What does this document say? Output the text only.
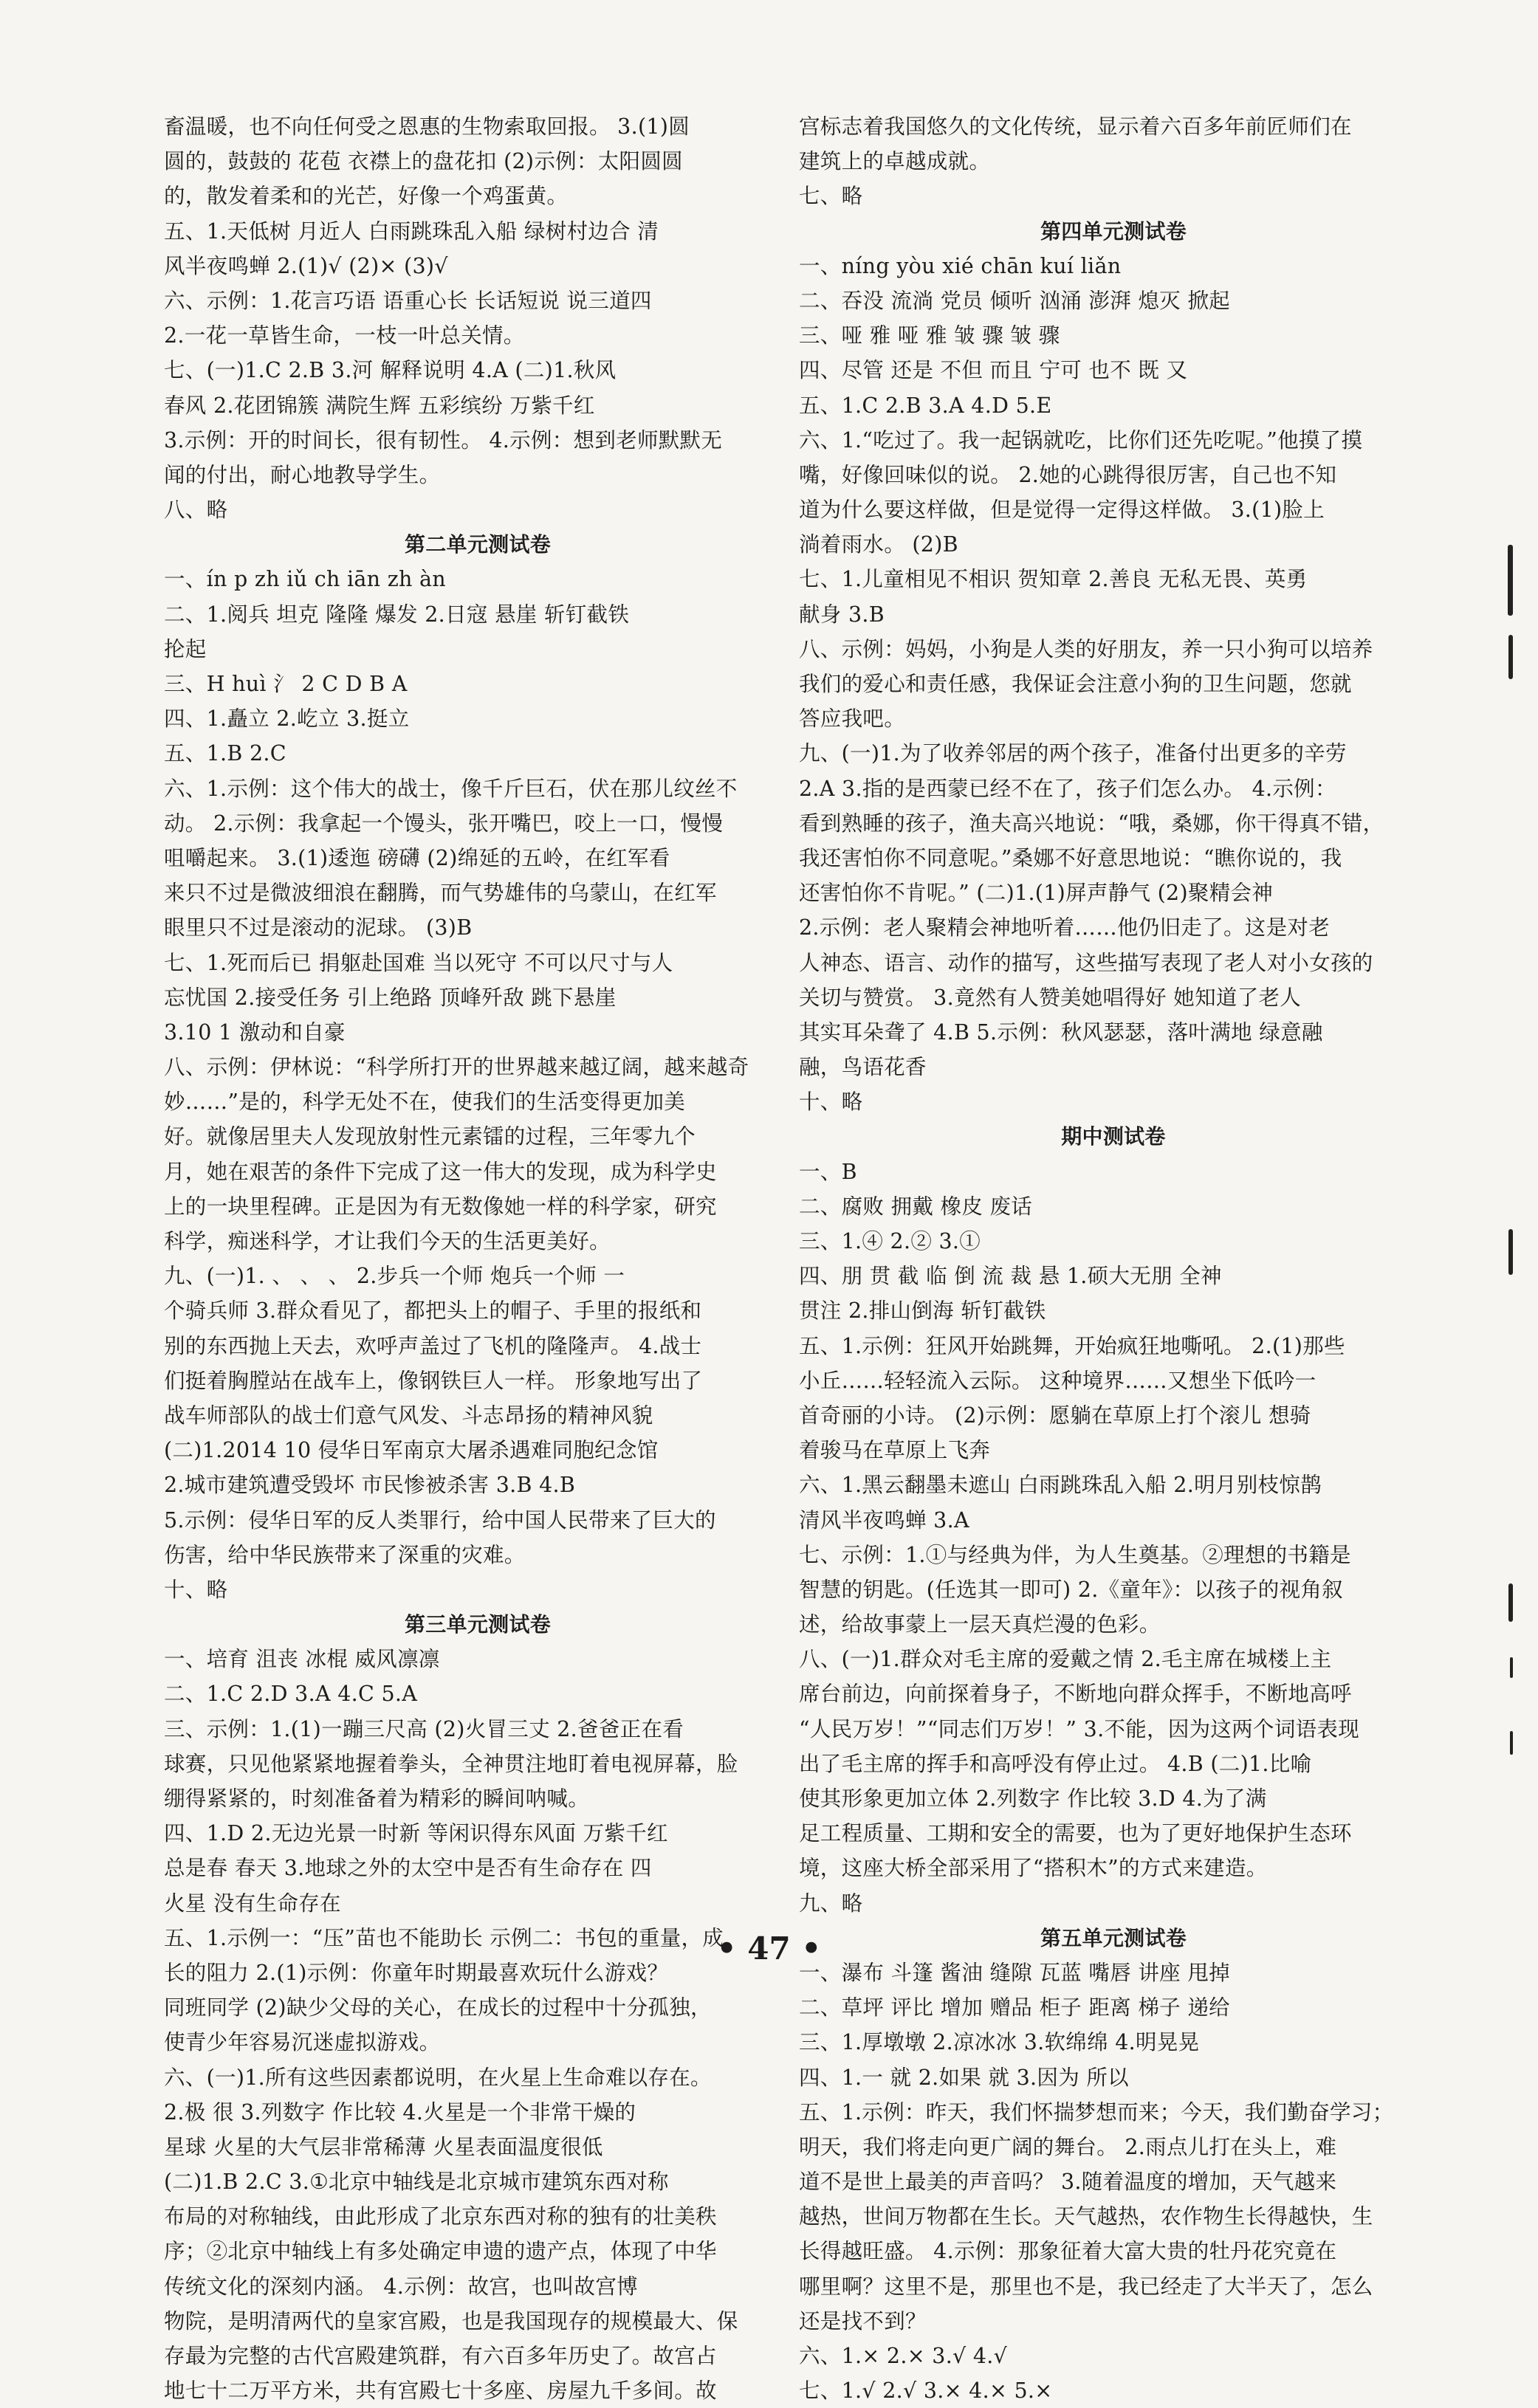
畜温暖，也不向任何受之恩惠的生物索取回报。 3.(1)圆
圆的，鼓鼓的 花苞 衣襟上的盘花扣 (2)示例：太阳圆圆
的，散发着柔和的光芒，好像一个鸡蛋黄。
五、1.天低树 月近人 白雨跳珠乱入船 绿树村边合 清
风半夜鸣蝉 2.(1)√ (2)× (3)√
六、示例：1.花言巧语 语重心长 长话短说 说三道四
2.一花一草皆生命，一枝一叶总关情。
七、(一)1.C 2.B 3.河 解释说明 4.A (二)1.秋风
春风 2.花团锦簇 满院生辉 五彩缤纷 万紫千红
3.示例：开的时间长，很有韧性。 4.示例：想到老师默默无
闻的付出，耐心地教导学生。
八、略
第二单元测试卷
一、ín p zh iǔ ch iān zh àn
二、1.阅兵 坦克 隆隆 爆发 2.日寇 悬崖 斩钉截铁
抡起
三、H huì 氵 2 C D B A
四、1.矗立 2.屹立 3.挺立
五、1.B 2.C
六、1.示例：这个伟大的战士，像千斤巨石，伏在那儿纹丝不
动。 2.示例：我拿起一个馒头，张开嘴巴，咬上一口，慢慢
咀嚼起来。 3.(1)逶迤 磅礴 (2)绵延的五岭，在红军看
来只不过是微波细浪在翻腾，而气势雄伟的乌蒙山，在红军
眼里只不过是滚动的泥球。 (3)B
七、1.死而后已 捐躯赴国难 当以死守 不可以尺寸与人
忘忧国 2.接受任务 引上绝路 顶峰歼敌 跳下悬崖
3.10 1 激动和自豪
八、示例：伊林说：“科学所打开的世界越来越辽阔，越来越奇
妙……”是的，科学无处不在，使我们的生活变得更加美
好。就像居里夫人发现放射性元素镭的过程，三年零九个
月，她在艰苦的条件下完成了这一伟大的发现，成为科学史
上的一块里程碑。正是因为有无数像她一样的科学家，研究
科学，痴迷科学，才让我们今天的生活更美好。
九、(一)1. 、 、 、 2.步兵一个师 炮兵一个师 一
个骑兵师 3.群众看见了，都把头上的帽子、手里的报纸和
别的东西抛上天去，欢呼声盖过了飞机的隆隆声。 4.战士
们挺着胸膛站在战车上，像钢铁巨人一样。 形象地写出了
战车师部队的战士们意气风发、斗志昂扬的精神风貌
(二)1.2014 10 侵华日军南京大屠杀遇难同胞纪念馆
2.城市建筑遭受毁坏 市民惨被杀害 3.B 4.B
5.示例：侵华日军的反人类罪行，给中国人民带来了巨大的
伤害，给中华民族带来了深重的灾难。
十、略
第三单元测试卷
一、培育 沮丧 冰棍 威风凛凛
二、1.C 2.D 3.A 4.C 5.A
三、示例：1.(1)一蹦三尺高 (2)火冒三丈 2.爸爸正在看
球赛，只见他紧紧地握着拳头，全神贯注地盯着电视屏幕，脸
绷得紧紧的，时刻准备着为精彩的瞬间呐喊。
四、1.D 2.无边光景一时新 等闲识得东风面 万紫千红
总是春 春天 3.地球之外的太空中是否有生命存在 四
火星 没有生命存在
五、1.示例一：“压”苗也不能助长 示例二：书包的重量，成
长的阻力 2.(1)示例：你童年时期最喜欢玩什么游戏？
同班同学 (2)缺少父母的关心，在成长的过程中十分孤独，
使青少年容易沉迷虚拟游戏。
六、(一)1.所有这些因素都说明，在火星上生命难以存在。
2.极 很 3.列数字 作比较 4.火星是一个非常干燥的
星球 火星的大气层非常稀薄 火星表面温度很低
(二)1.B 2.C 3.①北京中轴线是北京城市建筑东西对称
布局的对称轴线，由此形成了北京东西对称的独有的壮美秩
序；②北京中轴线上有多处确定申遗的遗产点，体现了中华
传统文化的深刻内涵。 4.示例：故宫，也叫故宫博
物院，是明清两代的皇家宫殿，也是我国现存的规模最大、保
存最为完整的古代宫殿建筑群，有六百多年历史了。故宫占
地七十二万平方米，共有宫殿七十多座、房屋九千多间。故
宫标志着我国悠久的文化传统，显示着六百多年前匠师们在
建筑上的卓越成就。
七、略
第四单元测试卷
一、níng yòu xié chān kuí liǎn
二、吞没 流淌 党员 倾听 汹涌 澎湃 熄灭 掀起
三、哑 雅 哑 雅 皱 骤 皱 骤
四、尽管 还是 不但 而且 宁可 也不 既 又
五、1.C 2.B 3.A 4.D 5.E
六、1.“吃过了。我一起锅就吃，比你们还先吃呢。”他摸了摸
嘴，好像回味似的说。 2.她的心跳得很厉害，自己也不知
道为什么要这样做，但是觉得一定得这样做。 3.(1)脸上
淌着雨水。 (2)B
七、1.儿童相见不相识 贺知章 2.善良 无私无畏、英勇
献身 3.B
八、示例：妈妈，小狗是人类的好朋友，养一只小狗可以培养
我们的爱心和责任感，我保证会注意小狗的卫生问题，您就
答应我吧。
九、(一)1.为了收养邻居的两个孩子，准备付出更多的辛劳
2.A 3.指的是西蒙已经不在了，孩子们怎么办。 4.示例：
看到熟睡的孩子，渔夫高兴地说：“哦，桑娜，你干得真不错，
我还害怕你不同意呢。”桑娜不好意思地说：“瞧你说的，我
还害怕你不肯呢。” (二)1.(1)屏声静气 (2)聚精会神
2.示例：老人聚精会神地听着……他仍旧走了。这是对老
人神态、语言、动作的描写，这些描写表现了老人对小女孩的
关切与赞赏。 3.竟然有人赞美她唱得好 她知道了老人
其实耳朵聋了 4.B 5.示例：秋风瑟瑟，落叶满地 绿意融
融，鸟语花香
十、略
期中测试卷
一、B
二、腐败 拥戴 橡皮 废话
三、1.④ 2.② 3.①
四、朋 贯 截 临 倒 流 裁 悬 1.硕大无朋 全神
贯注 2.排山倒海 斩钉截铁
五、1.示例：狂风开始跳舞，开始疯狂地嘶吼。 2.(1)那些
小丘……轻轻流入云际。 这种境界……又想坐下低吟一
首奇丽的小诗。 (2)示例：愿躺在草原上打个滚儿 想骑
着骏马在草原上飞奔
六、1.黑云翻墨未遮山 白雨跳珠乱入船 2.明月别枝惊鹊
清风半夜鸣蝉 3.A
七、示例：1.①与经典为伴，为人生奠基。②理想的书籍是
智慧的钥匙。(任选其一即可) 2.《童年》：以孩子的视角叙
述，给故事蒙上一层天真烂漫的色彩。
八、(一)1.群众对毛主席的爱戴之情 2.毛主席在城楼上主
席台前边，向前探着身子，不断地向群众挥手，不断地高呼
“人民万岁！”“同志们万岁！” 3.不能，因为这两个词语表现
出了毛主席的挥手和高呼没有停止过。 4.B (二)1.比喻
使其形象更加立体 2.列数字 作比较 3.D 4.为了满
足工程质量、工期和安全的需要，也为了更好地保护生态环
境，这座大桥全部采用了“搭积木”的方式来建造。
九、略
第五单元测试卷
一、瀑布 斗篷 酱油 缝隙 瓦蓝 嘴唇 讲座 甩掉
二、草坪 评比 增加 赠品 柜子 距离 梯子 递给
三、1.厚墩墩 2.凉冰冰 3.软绵绵 4.明晃晃
四、1.一 就 2.如果 就 3.因为 所以
五、1.示例：昨天，我们怀揣梦想而来；今天，我们勤奋学习；
明天，我们将走向更广阔的舞台。 2.雨点儿打在头上，难
道不是世上最美的声音吗？ 3.随着温度的增加，天气越来
越热，世间万物都在生长。天气越热，农作物生长得越快，生
长得越旺盛。 4.示例：那象征着大富大贵的牡丹花究竟在
哪里啊？这里不是，那里也不是，我已经走了大半天了，怎么
还是找不到？
六、1.× 2.× 3.√ 4.√
七、1.√ 2.√ 3.× 4.× 5.×
• 47 •
